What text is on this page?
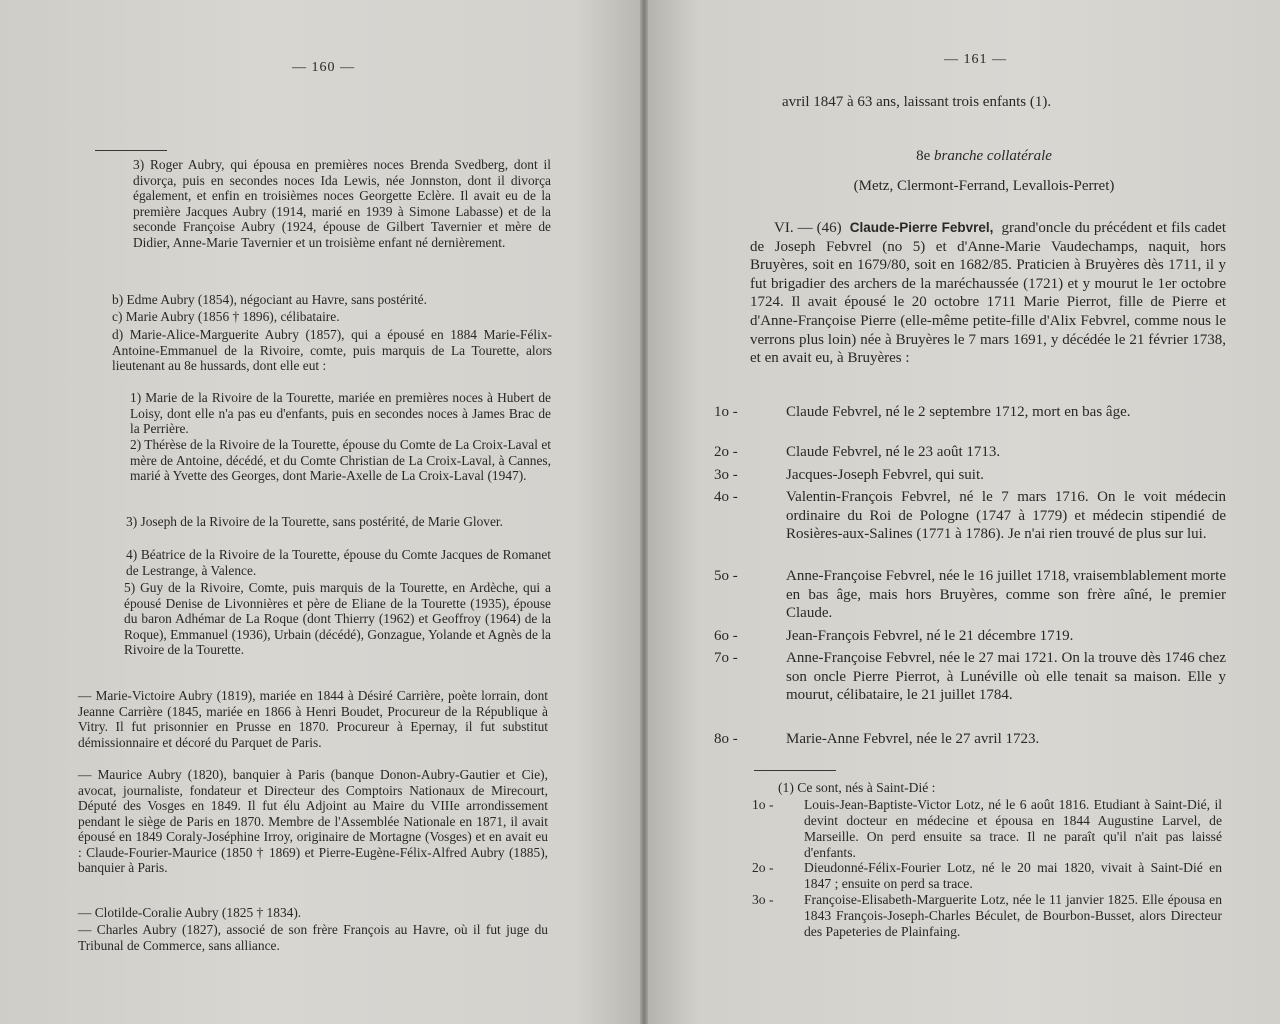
— 160 —

3) Roger Aubry, qui épousa en premières noces Brenda Svedberg, dont il divorça, puis en secondes noces Ida Lewis, née Jonnston, dont il divorça également, et enfin en troisièmes noces Georgette Eclère. Il avait eu de la première Jacques Aubry (1914, marié en 1939 à Simone Labasse) et de la seconde Françoise Aubry (1924, épouse de Gilbert Tavernier et mère de Didier, Anne-Marie Tavernier et un troisième enfant né dernièrement.

b) Edme Aubry (1854), négociant au Havre, sans postérité.

c) Marie Aubry (1856 † 1896), célibataire.

d) Marie-Alice-Marguerite Aubry (1857), qui a épousé en 1884 Marie-Félix-Antoine-Emmanuel de la Rivoire, comte, puis marquis de La Tourette, alors lieutenant au 8e hussards, dont elle eut :

1) Marie de la Rivoire de la Tourette, mariée en premières noces à Hubert de Loisy, dont elle n'a pas eu d'enfants, puis en secondes noces à James Brac de la Perrière.

2) Thérèse de la Rivoire de la Tourette, épouse du Comte de La Croix-Laval et mère de Antoine, décédé, et du Comte Christian de La Croix-Laval, à Cannes, marié à Yvette des Georges, dont Marie-Axelle de La Croix-Laval (1947).

3) Joseph de la Rivoire de la Tourette, sans postérité, de Marie Glover.

4) Béatrice de la Rivoire de la Tourette, épouse du Comte Jacques de Romanet de Lestrange, à Valence.

5) Guy de la Rivoire, Comte, puis marquis de la Tourette, en Ardèche, qui a épousé Denise de Livonnières et père de Eliane de la Tourette (1935), épouse du baron Adhémar de La Roque (dont Thierry (1962) et Geoffroy (1964) de la Roque), Emmanuel (1936), Urbain (décédé), Gonzague, Yolande et Agnès de la Rivoire de la Tourette.

— Marie-Victoire Aubry (1819), mariée en 1844 à Désiré Carrière, poète lorrain, dont Jeanne Carrière (1845, mariée en 1866 à Henri Boudet, Procureur de la République à Vitry. Il fut prisonnier en Prusse en 1870. Procureur à Epernay, il fut substitut démissionnaire et décoré du Parquet de Paris.

— Maurice Aubry (1820), banquier à Paris (banque Donon-Aubry-Gautier et Cie), avocat, journaliste, fondateur et Directeur des Comptoirs Nationaux de Mirecourt, Député des Vosges en 1849. Il fut élu Adjoint au Maire du VIIIe arrondissement pendant le siège de Paris en 1870. Membre de l'Assemblée Nationale en 1871, il avait épousé en 1849 Coraly-Joséphine Irroy, originaire de Mortagne (Vosges) et en avait eu : Claude-Fourier-Maurice (1850 † 1869) et Pierre-Eugène-Félix-Alfred Aubry (1885), banquier à Paris.

— Clotilde-Coralie Aubry (1825 † 1834).

— Charles Aubry (1827), associé de son frère François au Havre, où il fut juge du Tribunal de Commerce, sans alliance.

— 161 —

avril 1847 à 63 ans, laissant trois enfants (1).

8e branche collatérale

(Metz, Clermont-Ferrand, Levallois-Perret)

VI. — (46) Claude-Pierre Febvrel, grand'oncle du précédent et fils cadet de Joseph Febvrel (no 5) et d'Anne-Marie Vaudechamps, naquit, hors Bruyères, soit en 1679/80, soit en 1682/85. Praticien à Bruyères dès 1711, il y fut brigadier des archers de la maréchaussée (1721) et y mourut le 1er octobre 1724. Il avait épousé le 20 octobre 1711 Marie Pierrot, fille de Pierre et d'Anne-Françoise Pierre (elle-même petite-fille d'Alix Febvrel, comme nous le verrons plus loin) née à Bruyères le 7 mars 1691, y décédée le 21 février 1738, et en avait eu, à Bruyères :

1o -	Claude Febvrel, né le 2 septembre 1712, mort en bas âge.

2o -	Claude Febvrel, né le 23 août 1713.

3o -	Jacques-Joseph Febvrel, qui suit.

4o -	Valentin-François Febvrel, né le 7 mars 1716. On le voit médecin ordinaire du Roi de Pologne (1747 à 1779) et médecin stipendié de Rosières-aux-Salines (1771 à 1786). Je n'ai rien trouvé de plus sur lui.

5o -	Anne-Françoise Febvrel, née le 16 juillet 1718, vraisemblablement morte en bas âge, mais hors Bruyères, comme son frère aîné, le premier Claude.

6o -	Jean-François Febvrel, né le 21 décembre 1719.

7o -	Anne-Françoise Febvrel, née le 27 mai 1721. On la trouve dès 1746 chez son oncle Pierre Pierrot, à Lunéville où elle tenait sa maison. Elle y mourut, célibataire, le 21 juillet 1784.

8o -	Marie-Anne Febvrel, née le 27 avril 1723.

(1) Ce sont, nés à Saint-Dié :

1o - Louis-Jean-Baptiste-Victor Lotz, né le 6 août 1816. Etudiant à Saint-Dié, il devint docteur en médecine et épousa en 1844 Augustine Larvel, de Marseille. On perd ensuite sa trace. Il ne paraît qu'il n'ait pas laissé d'enfants.

2o - Dieudonné-Félix-Fourier Lotz, né le 20 mai 1820, vivait à Saint-Dié en 1847 ; ensuite on perd sa trace.

3o - Françoise-Elisabeth-Marguerite Lotz, née le 11 janvier 1825. Elle épousa en 1843 François-Joseph-Charles Béculet, de Bourbon-Busset, alors Directeur des Papeteries de Plainfaing.
